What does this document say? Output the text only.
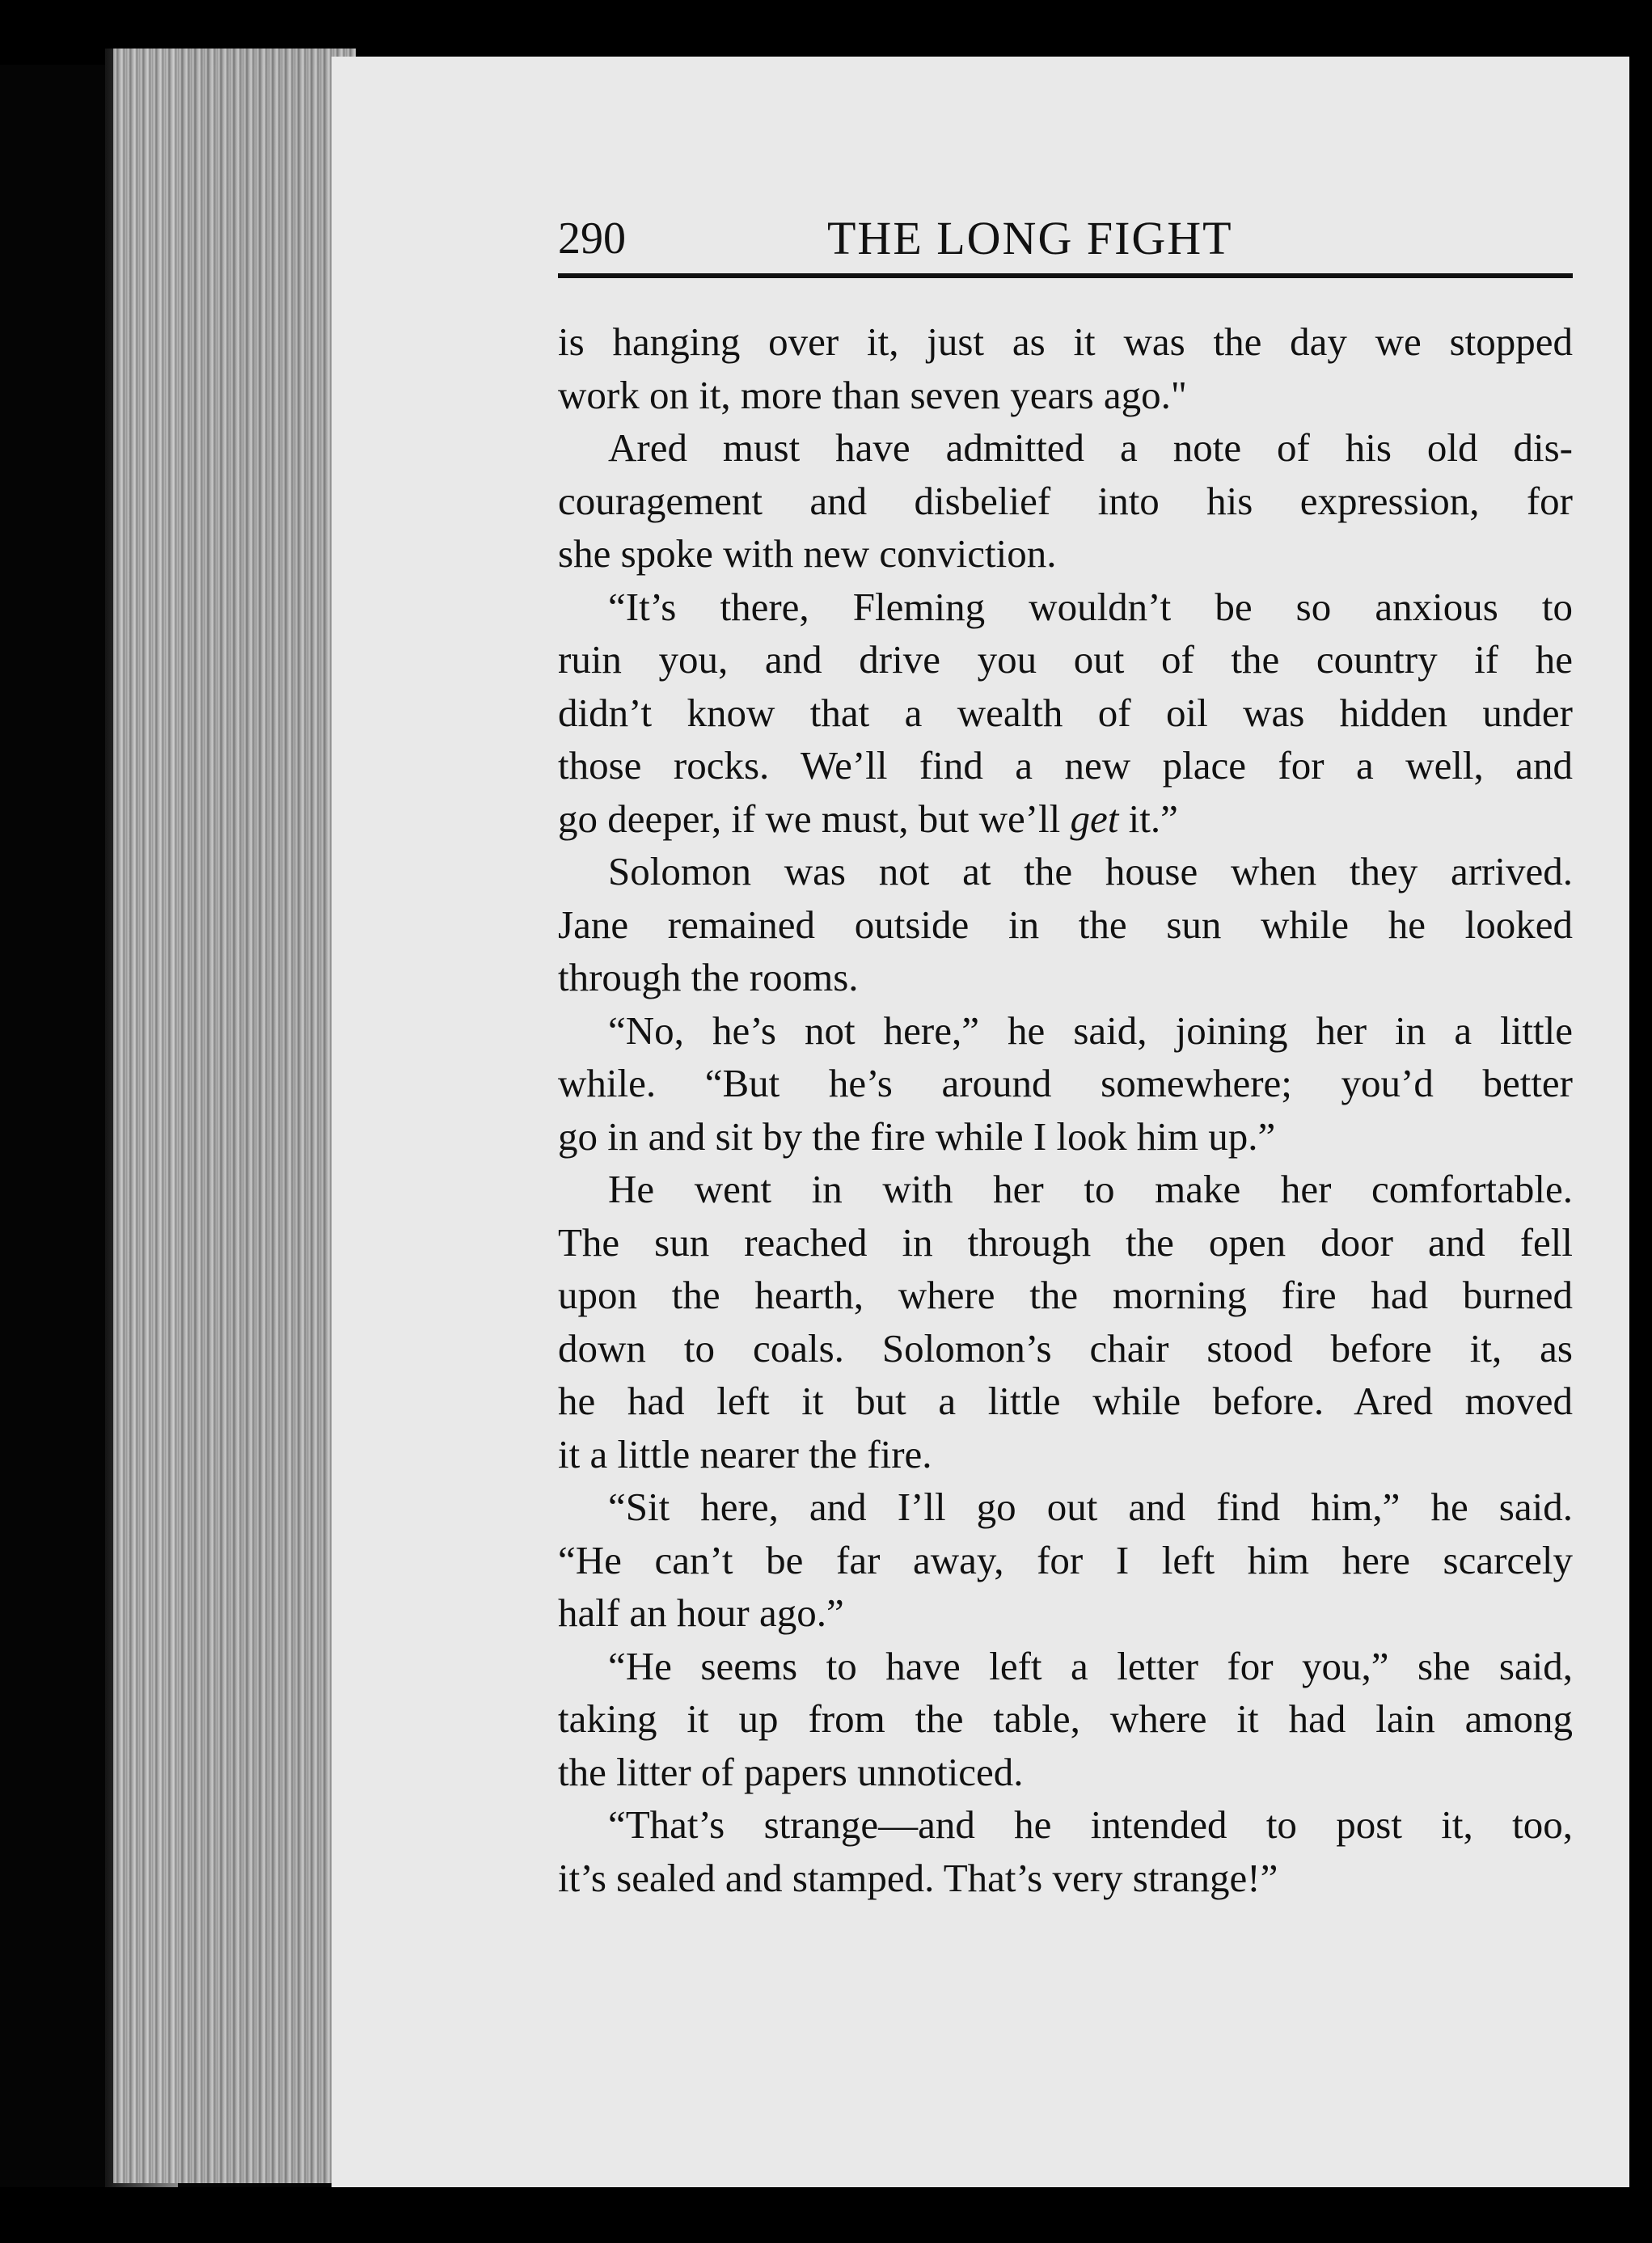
290	THE LONG FIGHT
is hanging over it, just as it was the day we stopped
work on it, more than seven years ago."
Ared must have admitted a note of his old dis-
couragement and disbelief into his expression, for
she spoke with new conviction.
“It’s there, Fleming wouldn’t be so anxious to
ruin you, and drive you out of the country if he
didn’t know that a wealth of oil was hidden under
those rocks. We’ll find a new place for a well, and
go deeper, if we must, but we’ll get it.”
Solomon was not at the house when they arrived.
Jane remained outside in the sun while he looked
through the rooms.
“No, he’s not here,” he said, joining her in a little
while. “But he’s around somewhere; you’d better
go in and sit by the fire while I look him up.”
He went in with her to make her comfortable.
The sun reached in through the open door and fell
upon the hearth, where the morning fire had burned
down to coals. Solomon’s chair stood before it, as
he had left it but a little while before. Ared moved
it a little nearer the fire.
“Sit here, and I’ll go out and find him,” he said.
“He can’t be far away, for I left him here scarcely
half an hour ago.”
“He seems to have left a letter for you,” she said,
taking it up from the table, where it had lain among
the litter of papers unnoticed.
“That’s strange—and he intended to post it, too,
it’s sealed and stamped. That’s very strange!”
